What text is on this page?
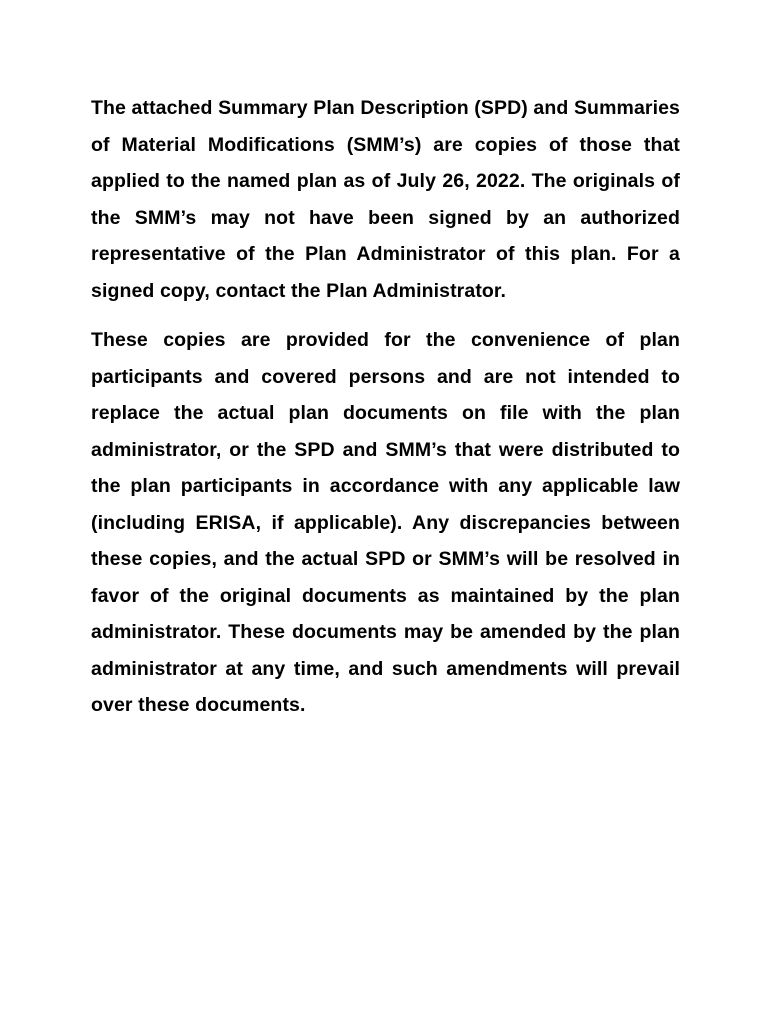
The attached Summary Plan Description (SPD) and Summaries of Material Modifications (SMM’s) are copies of those that applied to the named plan as of July 26, 2022. The originals of the SMM’s may not have been signed by an authorized representative of the Plan Administrator of this plan. For a signed copy, contact the Plan Administrator.

These copies are provided for the convenience of plan participants and covered persons and are not intended to replace the actual plan documents on file with the plan administrator, or the SPD and SMM’s that were distributed to the plan participants in accordance with any applicable law (including ERISA, if applicable). Any discrepancies between these copies, and the actual SPD or SMM’s will be resolved in favor of the original documents as maintained by the plan administrator. These documents may be amended by the plan administrator at any time, and such amendments will prevail over these documents.
